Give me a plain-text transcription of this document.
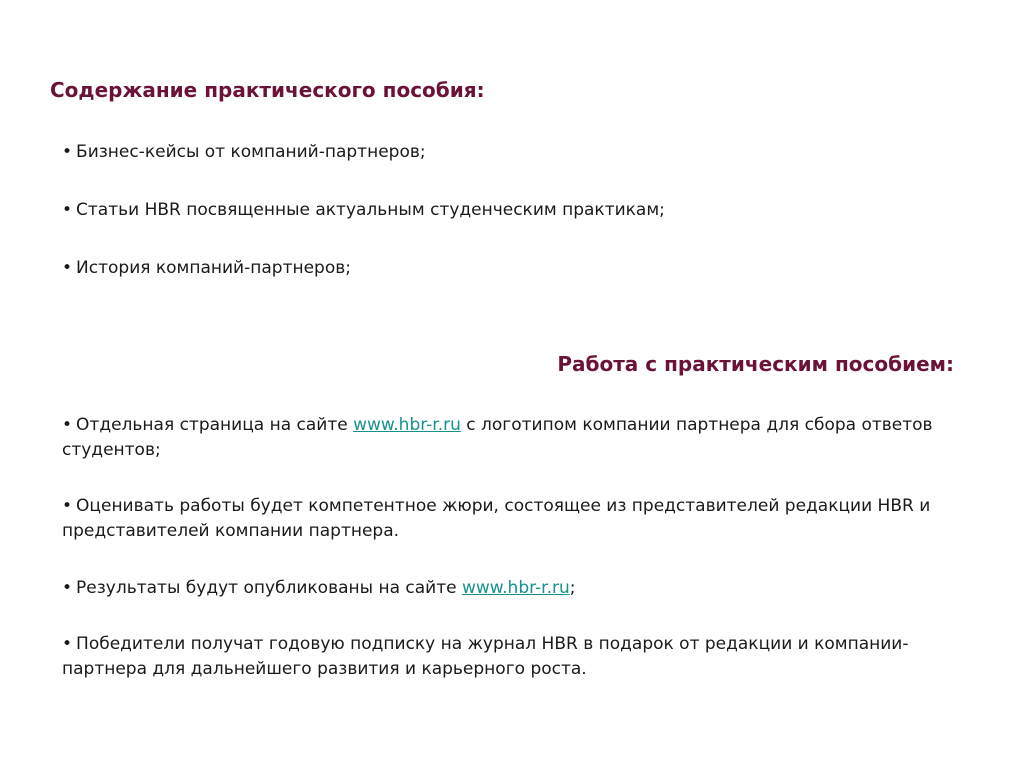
Содержание практического пособия:

• Бизнес-кейсы от компаний-партнеров;

• Статьи HBR посвященные актуальным студенческим практикам;

• История компаний-партнеров;

Работа с практическим пособием:

• Отдельная страница на сайте www.hbr-r.ru с логотипом компании партнера для сбора ответов студентов;

• Оценивать работы будет компетентное жюри, состоящее из представителей редакции HBR и представителей компании партнера.

• Результаты будут опубликованы на сайте www.hbr-r.ru;

• Победители получат годовую подписку на журнал HBR в подарок от редакции и компании-партнера для дальнейшего развития и карьерного роста.
